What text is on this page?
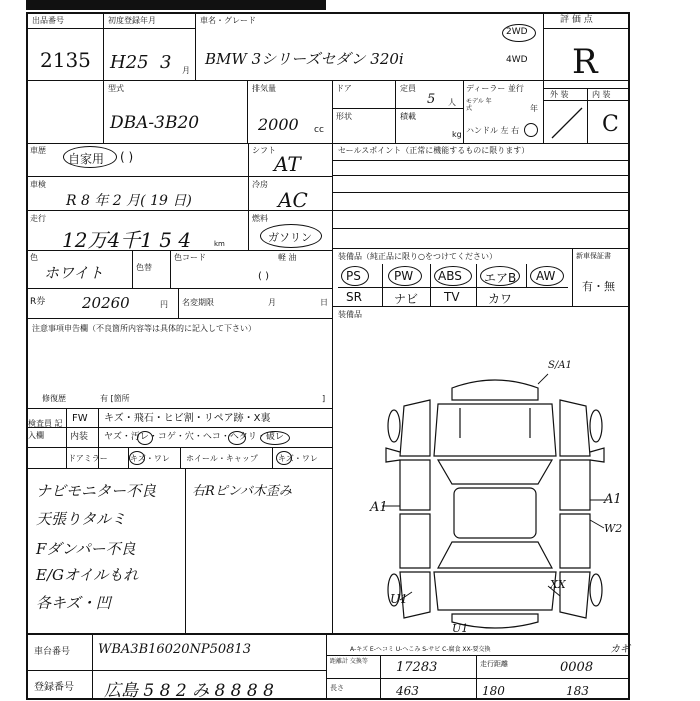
出品番号
2135
初度登録年月
H25 3 月
車名・グレード
BMW 3シリーズセダン 320i
2WD
4WD
評 価 点
R
型式
DBA-3B20
排気量
2000 cc
ドア	定員
5 人
ディーラー 並行
モデル 年式	年
形状	積載
kg ハンドル 左 右
外 装	内 装
C
車歴
自家用 ( )	シフト
AT
車検
R 8 年 2 月( 19 日)
冷房
AC
走行
12万4千1 5 4	km
燃料
ガソリン
色
ホワイト	色替
色コード	軽 油
( )
R券 20260	円 名変期限	月	日
注意事項申告欄（不良箇所内容等は具体的に記入して下さい）
修復歴	有 [箇所	]
検査員 記入欄
FW キズ・飛石・ヒビ割・リペア跡・X裏
内装 ヤズ・汚レ・コゲ・穴・ヘコ・ヘタリ・破レ
ドアミラー	キズ・ワレ ホイール・キャップ	キズ・ワレ
ナビモニター不良
天張りタルミ
Fダンパー不良
E/Gオイルもれ
各キズ・凹
右Rピンバ木歪み
セールスポイント（正常に機能するものに限ります）
装備品（純正品に限り○をつけてください）	新車保証書
有・無
PS	PW ABS エアB AW
SR	ナビ TV カワ
装備品
S/A1
A1
A1
W2
XX
U1
U1
A-キズ E-ヘコミ U-へこみ S-サビ C-腐食 XX-要交換	カギ
車台番号 WBA3B16020NP50813
登録番号 広島 5 8 2 み 8 8 8 8
距離計 交換等	17283	走行距離	0008
長さ	463	180	183
